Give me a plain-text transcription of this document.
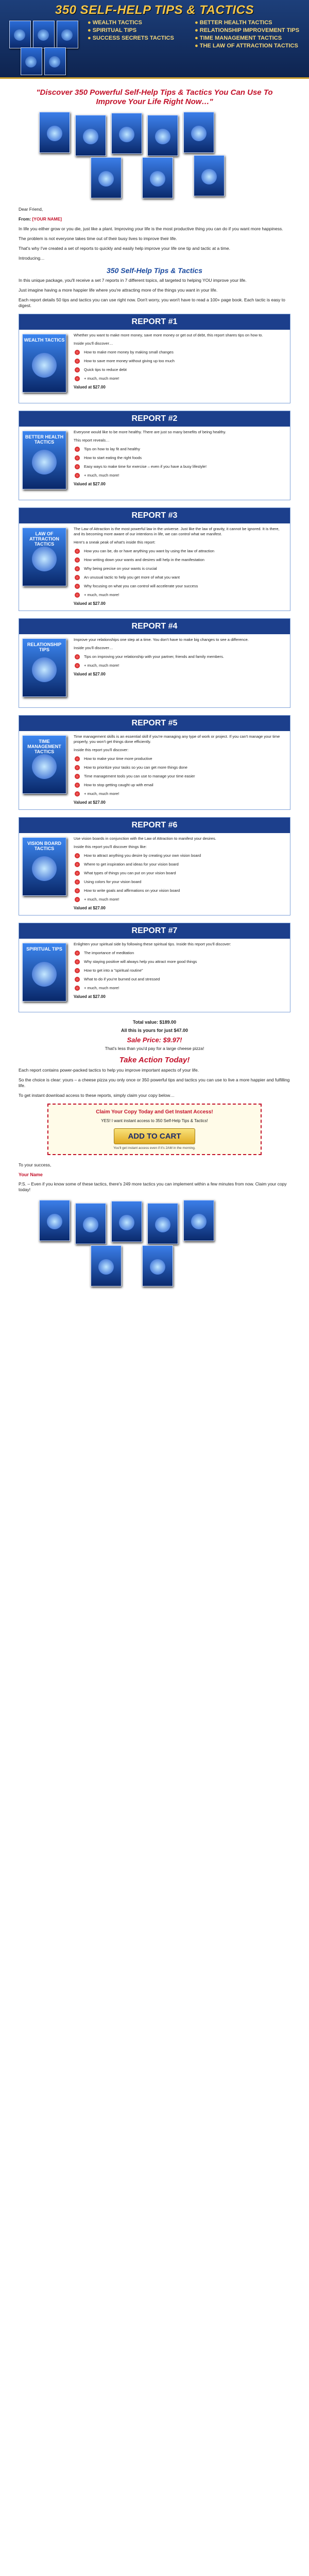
350 SELF-HELP TIPS & TACTICS
● WEALTH TACTICS
● SPIRITUAL TIPS
● SUCCESS SECRETS TACTICS

● BETTER HEALTH TACTICS
● RELATIONSHIP IMPROVEMENT TIPS
● TIME MANAGEMENT TACTICS
● THE LAW OF ATTRACTION TACTICS
"Discover 350 Powerful Self-Help Tips & Tactics You Can Use To Improve Your Life Right Now…"
Dear Friend,
From: [YOUR NAME]
In life you either grow or you die, just like a plant. Improving your life is the most productive thing you can do if you want more happiness.
The problem is not everyone takes time out of their busy lives to improve their life.
That's why I've created a set of reports to quickly and easily help improve your life one tip and tactic at a time.
Introducing…
350 Self-Help Tips & Tactics
In this unique package, you'll receive a set 7 reports in 7 different topics, all targeted to helping YOU improve your life.
Just imagine having a more happier life where you're attracting more of the things you want in your life.
Each report details 50 tips and tactics you can use right now. Don't worry, you won't have to read a 100+ page book. Each tactic is easy to digest.
REPORT #1
WEALTH TACTICS
Whether you want to make more money, save more money or get out of debt, this report shares tips on how to.
Inside you'll discover…
How to make more money by making small changes
How to save more money without giving up too much
Quick tips to reduce debt
+ much, much more!
Valued at $27.00
REPORT #2
BETTER HEALTH TACTICS
Everyone would like to be more healthy. There are just so many benefits of being healthy.
This report reveals…
Tips on how to lay fit and healthy
How to start eating the right foods
Easy ways to make time for exercise – even if you have a busy lifestyle!
+ much, much more!
Valued at $27.00
REPORT #3
LAW OF ATTRACTION TACTICS
The Law of Attraction is the most powerful law in the universe. Just like the law of gravity, it cannot be ignored. It is there, and its becoming more aware of our intentions in life, we can control what we manifest.
Here's a sneak peak of what's inside this report:
How you can be, do or have anything you want by using the law of attraction
How writing down your wants and desires will help in the manifestation
Why being precise on your wants is crucial
An unusual tactic to help you get more of what you want
Why focusing on what you can control will accelerate your success
+ much, much more!
Valued at $27.00
REPORT #4
RELATIONSHIP TIPS
Improve your relationships one step at a time. You don't have to make big changes to see a difference.
Inside you'll discover…
Tips on improving your relationship with your partner, friends and family members.
+ much, much more!
Valued at $27.00
REPORT #5
TIME MANAGEMENT TACTICS
Time management skills is an essential skill if you're managing any type of work or project. If you can't manage your time properly, you won't get things done efficiently.
Inside this report you'll discover:
How to make your time more productive
How to prioritize your tasks so you can get more things done
Time management tools you can use to manage your time easier
How to stop getting caught up with email
+ much, much more!
Valued at $27.00
REPORT #6
VISION BOARD TACTICS
Use vision boards in conjunction with the Law of Attraction to manifest your desires.
Inside this report you'll discover things like:
How to attract anything you desire by creating your own vision board
Where to get inspiration and ideas for your vision board
What types of things you can put on your vision board
Using colors for your vision board
How to write goals and affirmations on your vision board
+ much, much more!
Valued at $27.00
REPORT #7
SPIRITUAL TIPS
Enlighten your spiritual side by following these spiritual tips. Inside this report you'll discover:
The importance of meditation
Why staying positive will always help you attract more good things
How to get into a "spiritual routine"
What to do if you're burned out and stressed
+ much, much more!
Valued at $27.00
Total value: $189.00
All this is yours for just $47.00
Sale Price: $9.97!
That's less than you'd pay for a large cheese pizza!
Take Action Today!
Each report contains power-packed tactics to help you improve important aspects of your life.
So the choice is clear: yours – a cheese pizza you only once or 350 powerful tips and tactics you can use to live a more happier and fulfilling life.
To get instant download access to these reports, simply claim your copy below…
Claim Your Copy Today and Get Instant Access!
YES! I want instant access to 350 Self-Help Tips & Tactics!
ADD TO CART
You'll get instant access even if it's 2AM in the morning.
To your success,
Your Name
P.S. – Even if you know some of these tactics, there's 249 more tactics you can implement within a few minutes from now. Claim your copy today!
